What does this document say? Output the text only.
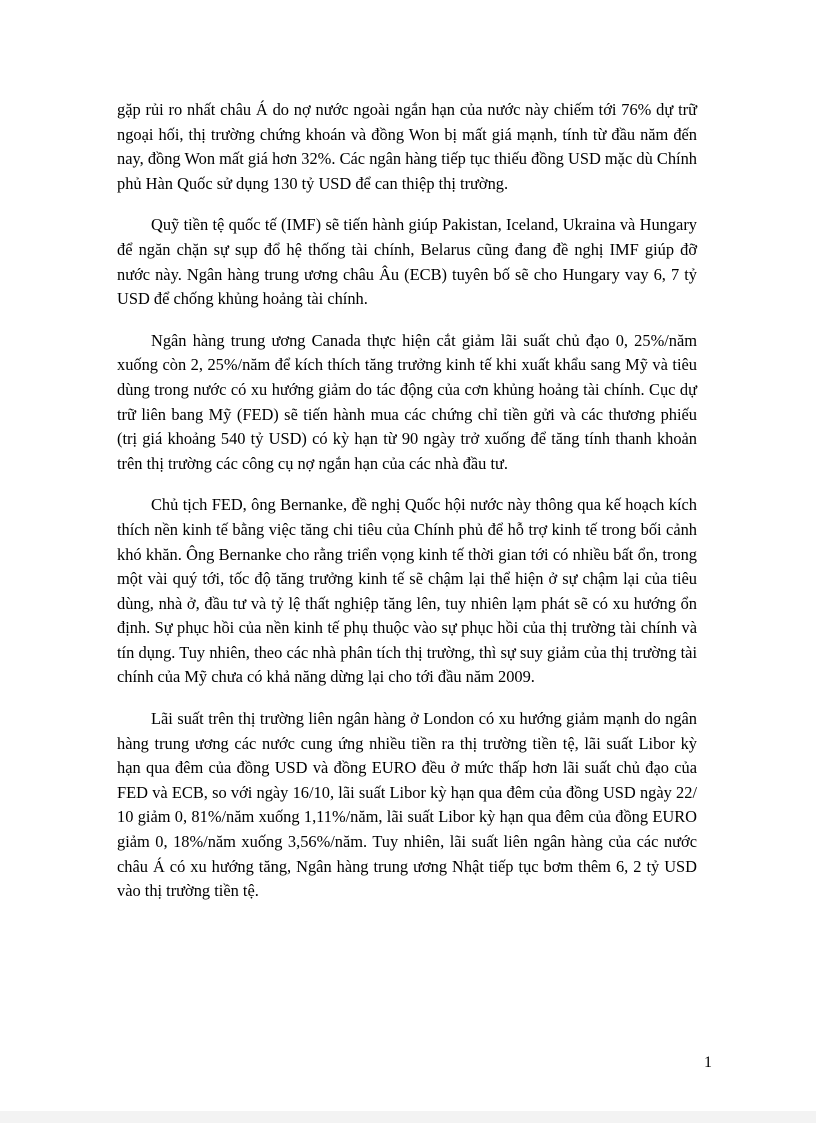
gặp rủi ro nhất châu Á do nợ nước ngoài ngắn hạn của nước này chiếm tới 76% dự trữ ngoại hối, thị trường chứng khoán và đồng Won bị mất giá mạnh, tính từ đầu năm đến nay, đồng Won mất giá hơn 32%. Các ngân hàng tiếp tục thiếu đồng USD mặc dù Chính phủ Hàn Quốc sử dụng 130 tỷ USD để can thiệp thị trường.

Quỹ tiền tệ quốc tế (IMF) sẽ tiến hành giúp Pakistan, Iceland, Ukraina và Hungary để ngăn chặn sự sụp đổ hệ thống tài chính, Belarus cũng đang đề nghị IMF giúp đỡ nước này. Ngân hàng trung ương châu Âu (ECB) tuyên bố sẽ cho Hungary vay 6, 7 tỷ USD để chống khủng hoảng tài chính.

Ngân hàng trung ương Canada thực hiện cắt giảm lãi suất chủ đạo 0, 25%/năm xuống còn 2, 25%/năm để kích thích tăng trưởng kinh tế khi xuất khẩu sang Mỹ và tiêu dùng trong nước có xu hướng giảm do tác động của cơn khủng hoảng tài chính. Cục dự trữ liên bang Mỹ (FED) sẽ tiến hành mua các chứng chỉ tiền gửi và các thương phiếu (trị giá khoảng 540 tỷ USD) có kỳ hạn từ 90 ngày trở xuống để tăng tính thanh khoản trên thị trường các công cụ nợ ngắn hạn của các nhà đầu tư.

Chủ tịch FED, ông Bernanke, đề nghị Quốc hội nước này thông qua kế hoạch kích thích nền kinh tế bằng việc tăng chi tiêu của Chính phủ để hỗ trợ kinh tế trong bối cảnh khó khăn. Ông Bernanke cho rằng triển vọng kinh tế thời gian tới có nhiều bất ổn, trong một vài quý tới, tốc độ tăng trưởng kinh tế sẽ chậm lại thể hiện ở sự chậm lại của tiêu dùng, nhà ở, đầu tư và tỷ lệ thất nghiệp tăng lên, tuy nhiên lạm phát sẽ có xu hướng ổn định. Sự phục hồi của nền kinh tế phụ thuộc vào sự phục hồi của thị trường tài chính và tín dụng. Tuy nhiên, theo các nhà phân tích thị trường, thì sự suy giảm của thị trường tài chính của Mỹ chưa có khả năng dừng lại cho tới đầu năm 2009.

Lãi suất trên thị trường liên ngân hàng ở London có xu hướng giảm mạnh do ngân hàng trung ương các nước cung ứng nhiều tiền ra thị trường tiền tệ, lãi suất Libor kỳ hạn qua đêm của đồng USD và đồng EURO đều ở mức thấp hơn lãi suất chủ đạo của FED và ECB, so với ngày 16/10, lãi suất Libor kỳ hạn qua đêm của đồng USD ngày 22/ 10 giảm 0, 81%/năm xuống 1,11%/năm, lãi suất Libor kỳ hạn qua đêm của đồng EURO giảm 0, 18%/năm xuống 3,56%/năm. Tuy nhiên, lãi suất liên ngân hàng của các nước châu Á có xu hướng tăng, Ngân hàng trung ương Nhật tiếp tục bơm thêm 6, 2 tỷ USD vào thị trường tiền tệ.

1
